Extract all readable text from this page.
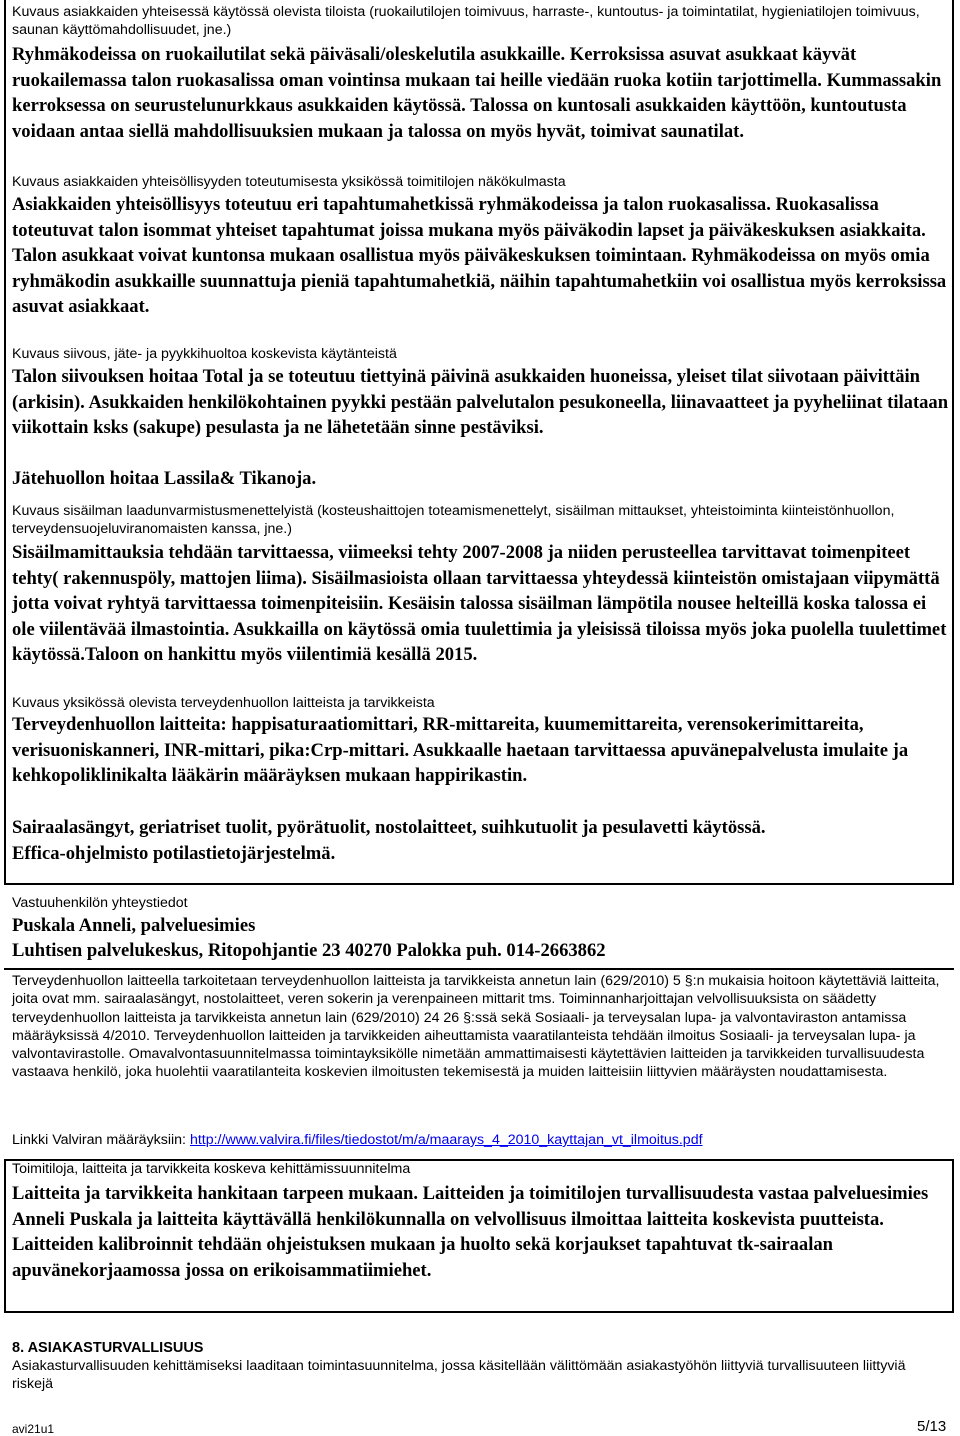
Kuvaus asiakkaiden yhteisessä käytössä olevista tiloista (ruokailutilojen toimivuus, harraste-, kuntoutus- ja toimintatilat, hygieniatilojen toimivuus, saunan käyttömahdollisuudet, jne.)

Ryhmäkodeissa on ruokailutilat sekä päiväsali/oleskelutila asukkaille. Kerroksissa asuvat asukkaat käyvät ruokailemassa talon ruokasalissa oman vointinsa mukaan tai heille viedään ruoka kotiin tarjottimella. Kummassakin kerroksessa on seurustelunurkkaus asukkaiden käytössä. Talossa on kuntosali asukkaiden käyttöön, kuntoutusta voidaan antaa siellä mahdollisuuksien mukaan ja talossa on myös hyvät, toimivat saunatilat.

Kuvaus asiakkaiden yhteisöllisyyden toteutumisesta yksikössä toimitilojen näkökulmasta

Asiakkaiden yhteisöllisyys toteutuu eri tapahtumahetkissä ryhmäkodeissa ja talon ruokasalissa. Ruokasalissa toteutuvat talon isommat yhteiset tapahtumat joissa mukana myös päiväkodin lapset ja päiväkeskuksen asiakkaita. Talon asukkaat voivat kuntonsa mukaan osallistua myös päiväkeskuksen toimintaan. Ryhmäkodeissa on myös omia ryhmäkodin asukkaille suunnattuja pieniä tapahtumahetkiä, näihin tapahtumahetkiin voi osallistua myös kerroksissa asuvat asiakkaat.

Kuvaus siivous, jäte- ja pyykkihuoltoa koskevista käytänteistä

Talon siivouksen hoitaa Total ja se toteutuu tiettyinä päivinä asukkaiden huoneissa, yleiset tilat siivotaan päivittäin (arkisin). Asukkaiden henkilökohtainen pyykki pestään palvelutalon pesukoneella, liinavaatteet ja pyyheliinat tilataan viikottain ksks (sakupe) pesulasta ja ne lähetetään sinne pestäviksi.

Jätehuollon hoitaa Lassila& Tikanoja.

Kuvaus sisäilman laadunvarmistusmenettelyistä (kosteushaittojen toteamismenettelyt, sisäilman mittaukset, yhteistoiminta kiinteistönhuollon, terveydensuojeluviranomaisten kanssa, jne.)

Sisäilmamittauksia tehdään tarvittaessa, viimeeksi tehty 2007-2008 ja niiden perusteellea tarvittavat toimenpiteet tehty( rakennuspöly, mattojen liima). Sisäilmasioista ollaan tarvittaessa yhteydessä kiinteistön omistajaan viipymättä jotta voivat ryhtyä tarvittaessa toimenpiteisiin. Kesäisin talossa sisäilman lämpötila nousee helteillä koska talossa ei ole viilentävää ilmastointia. Asukkailla on käytössä omia tuulettimia ja yleisissä tiloissa myös joka puolella tuulettimet käytössä.Taloon on hankittu myös viilentimiä kesällä 2015.

Kuvaus yksikössä olevista terveydenhuollon laitteista ja tarvikkeista

Terveydenhuollon laitteita: happisaturaatiomittari, RR-mittareita, kuumemittareita, verensokerimittareita, verisuoniskanneri, INR-mittari, pika:Crp-mittari. Asukkaalle haetaan tarvittaessa apuvänepalvelusta imulaite ja kehkopoliklinikalta lääkärin määräyksen mukaan happirikastin.

Sairaalasängyt, geriatriset tuolit, pyörätuolit, nostolaitteet, suihkutuolit ja pesulavetti käytössä.

Effica-ohjelmisto potilastietojärjestelmä.

Vastuuhenkilön yhteystiedot

Puskala Anneli, palveluesimies

Luhtisen palvelukeskus, Ritopohjantie 23 40270 Palokka puh. 014-2663862

Terveydenhuollon laitteella tarkoitetaan terveydenhuollon laitteista ja tarvikkeista annetun lain (629/2010) 5 §:n mukaisia hoitoon käytettäviä laitteita, joita ovat mm. sairaalasängyt, nostolaitteet, veren sokerin ja verenpaineen mittarit tms. Toiminnanharjoittajan velvollisuuksista on säädetty terveydenhuollon laitteista ja tarvikkeista annetun lain (629/2010) 24 26 §:ssä sekä Sosiaali- ja terveysalan lupa- ja valvontaviraston antamissa määräyksissä 4/2010. Terveydenhuollon laitteiden ja tarvikkeiden aiheuttamista vaaratilanteista tehdään ilmoitus Sosiaali- ja terveysalan lupa- ja valvontavirastolle. Omavalvontasuunnitelmassa toimintayksikölle nimetään ammattimaisesti käytettävien laitteiden ja tarvikkeiden turvallisuudesta vastaava henkilö, joka huolehtii vaaratilanteita koskevien ilmoitusten tekemisestä ja muiden laitteisiin liittyvien määräysten noudattamisesta.

Linkki Valviran määräyksiin: http://www.valvira.fi/files/tiedostot/m/a/maarays_4_2010_kayttajan_vt_ilmoitus.pdf

Toimitiloja, laitteita ja tarvikkeita koskeva kehittämissuunnitelma

Laitteita ja tarvikkeita hankitaan tarpeen mukaan. Laitteiden ja toimitilojen turvallisuudesta vastaa palveluesimies Anneli Puskala ja laitteita käyttävällä henkilökunnalla on velvollisuus ilmoittaa laitteita koskevista puutteista. Laitteiden kalibroinnit tehdään ohjeistuksen mukaan ja huolto sekä korjaukset tapahtuvat tk-sairaalan apuvänekorjaamossa jossa on erikoisammatiimiehet.

8. ASIAKASTURVALLISUUS

Asiakasturvallisuuden kehittämiseksi laaditaan toimintasuunnitelma, jossa käsitellään välittömään asiakastyöhön liittyviä turvallisuuteen liittyviä riskejä

avi21u1	5/13
